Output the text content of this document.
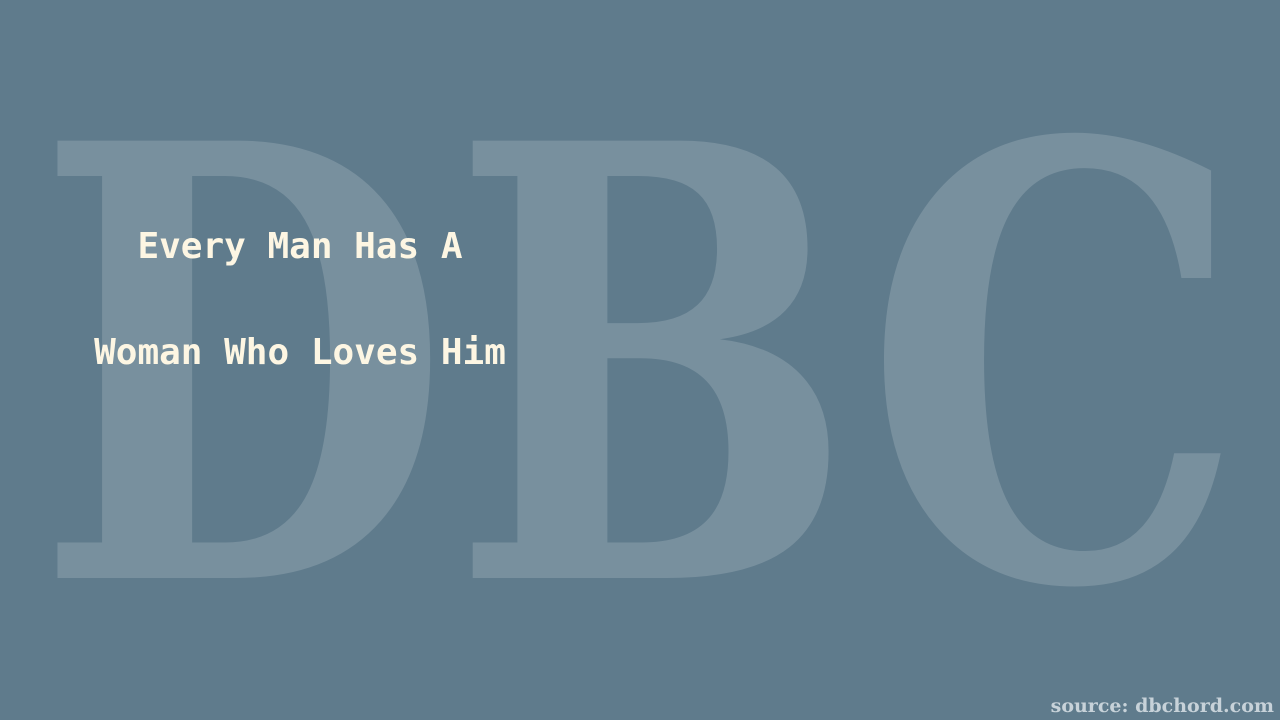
DBC
Every Man Has A
Woman Who Loves Him
source: dbchord.com
